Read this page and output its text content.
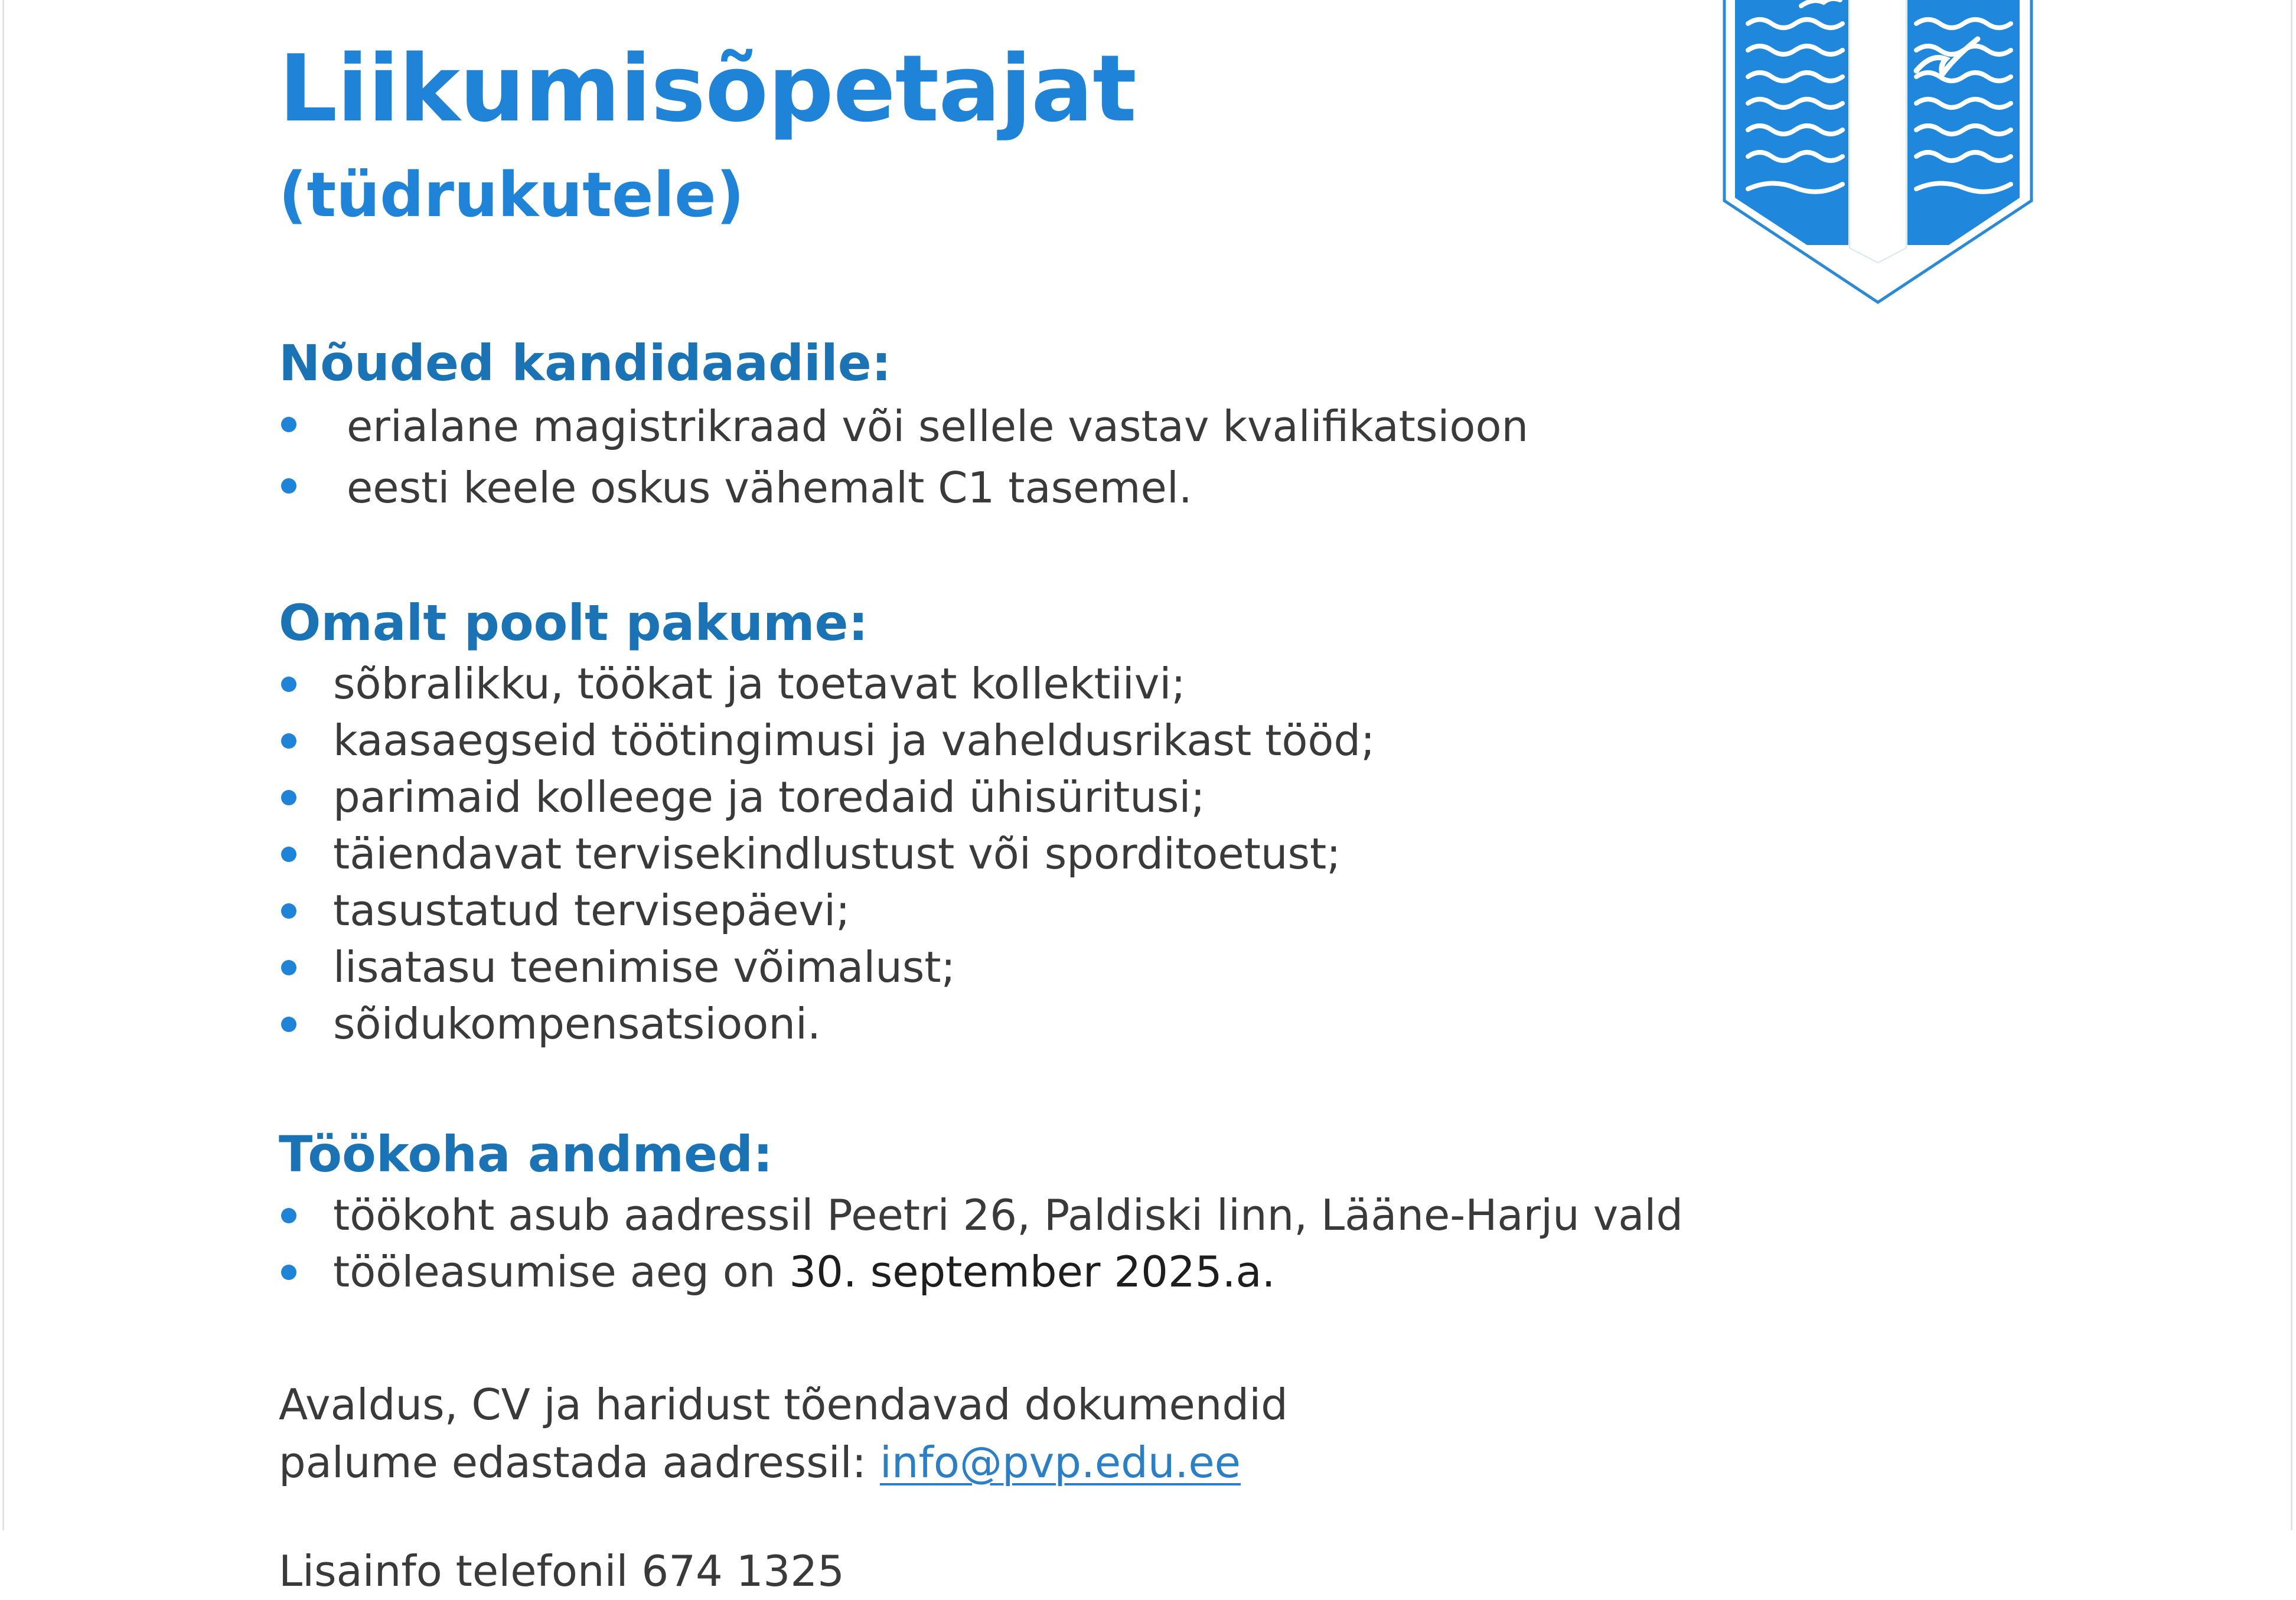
Liikumisõpetajat
(tüdrukutele)
Nõuded kandidaadile:
erialane magistrikraad või sellele vastav kvalifikatsioon
eesti keele oskus vähemalt C1 tasemel.
Omalt poolt pakume:
sõbralikku, töökat ja toetavat kollektiivi;
kaasaegseid töötingimusi ja vaheldusrikast tööd;
parimaid kolleege ja toredaid ühisüritusi;
täiendavat tervisekindlustust või sporditoetust;
tasustatud tervisepäevi;
lisatasu teenimise võimalust;
sõidukompensatsiooni.
Töökoha andmed:
töökoht asub aadressil Peetri 26, Paldiski linn, Lääne-Harju vald
tööleasumise aeg on 30. september 2025.a.
Avaldus, CV ja haridust tõendavad dokumendid
palume edastada aadressil: info@pvp.edu.ee
Lisainfo telefonil 674 1325
